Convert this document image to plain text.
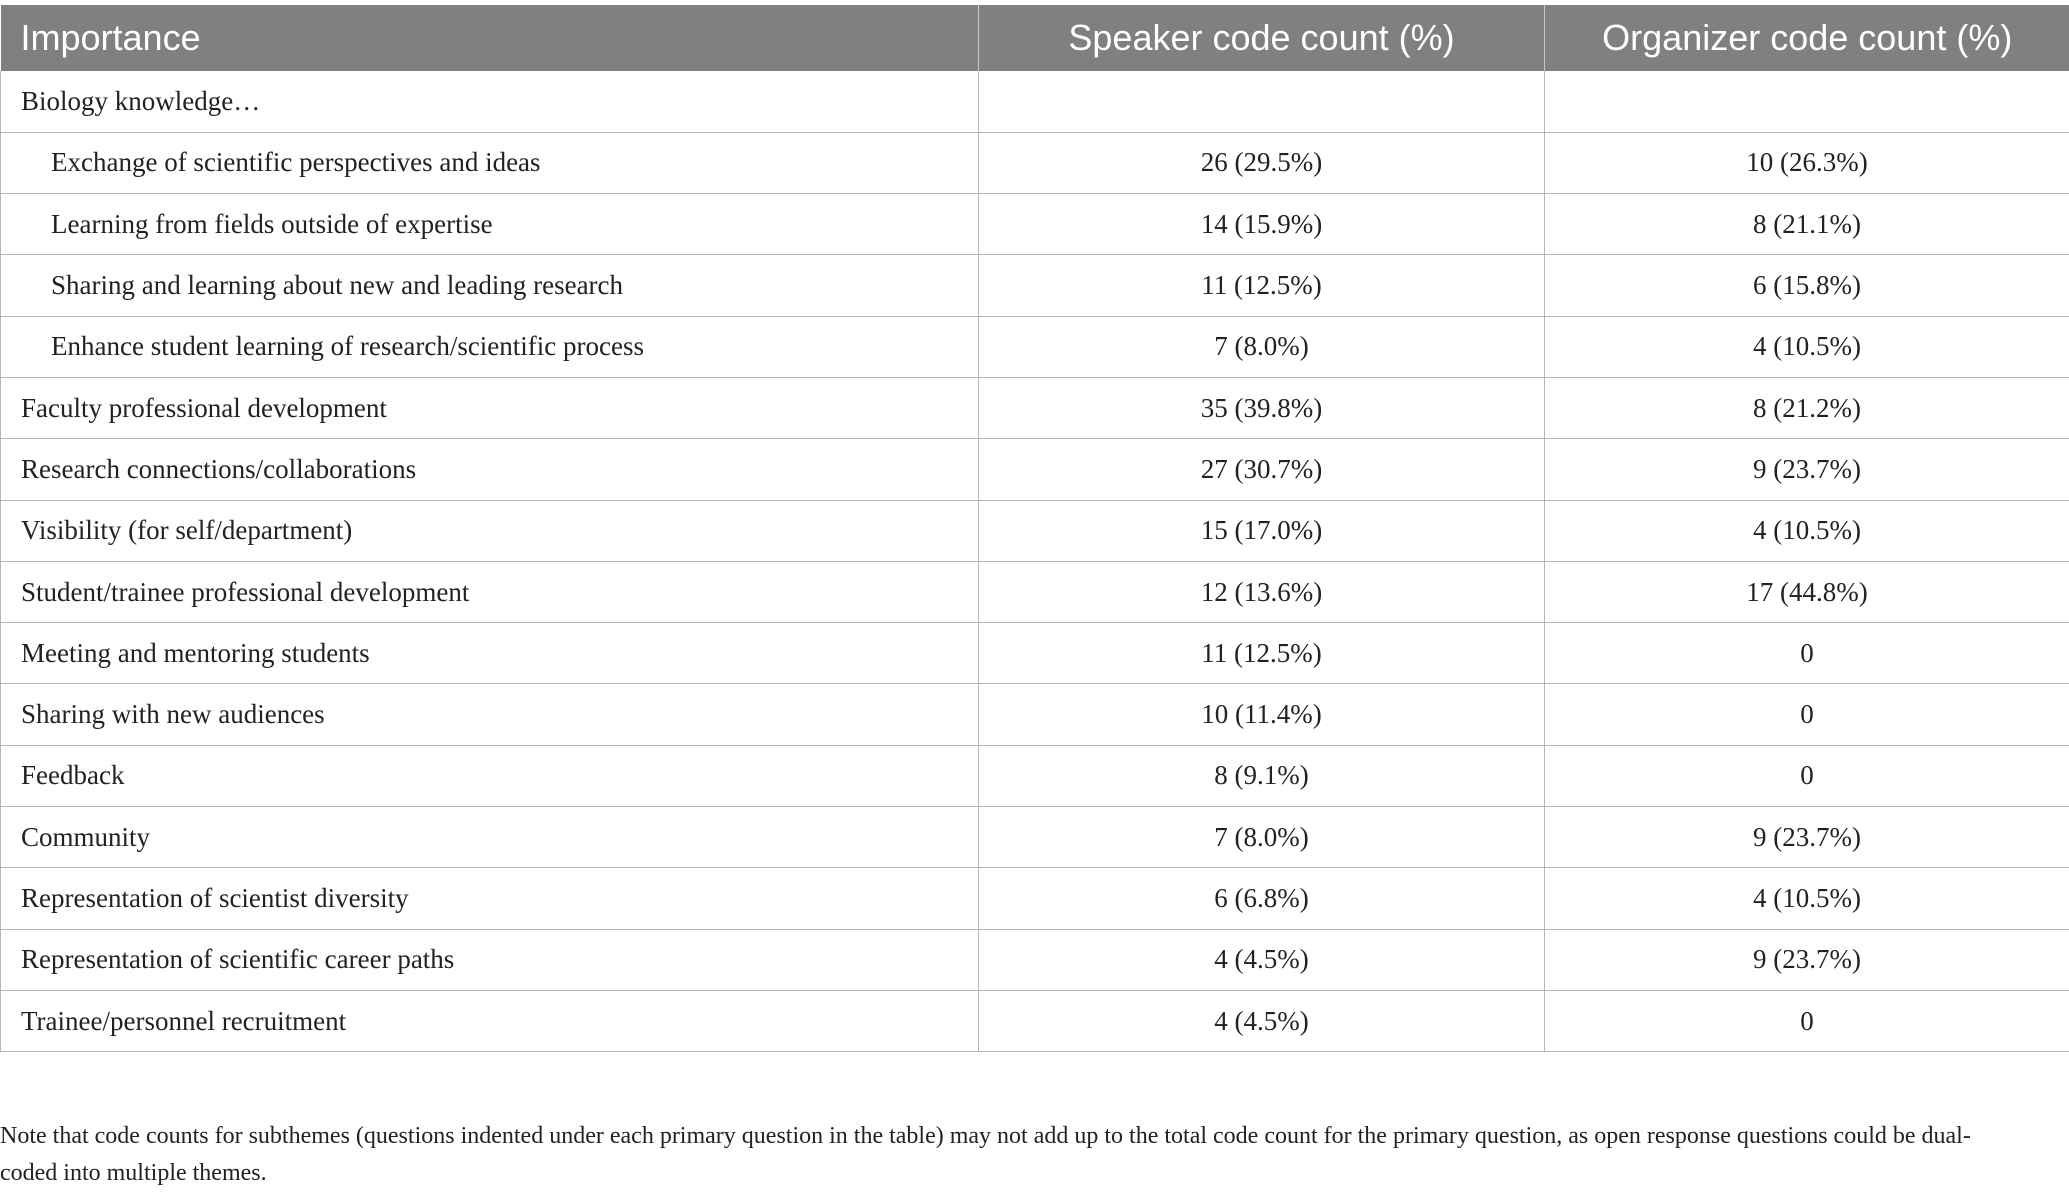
Importance	Speaker code count (%)	Organizer code count (%)
Biology knowledge…		
Exchange of scientific perspectives and ideas	26 (29.5%)	10 (26.3%)
Learning from fields outside of expertise	14 (15.9%)	8 (21.1%)
Sharing and learning about new and leading research	11 (12.5%)	6 (15.8%)
Enhance student learning of research/scientific process	7 (8.0%)	4 (10.5%)
Faculty professional development	35 (39.8%)	8 (21.2%)
Research connections/collaborations	27 (30.7%)	9 (23.7%)
Visibility (for self/department)	15 (17.0%)	4 (10.5%)
Student/trainee professional development	12 (13.6%)	17 (44.8%)
Meeting and mentoring students	11 (12.5%)	0
Sharing with new audiences	10 (11.4%)	0
Feedback	8 (9.1%)	0
Community	7 (8.0%)	9 (23.7%)
Representation of scientist diversity	6 (6.8%)	4 (10.5%)
Representation of scientific career paths	4 (4.5%)	9 (23.7%)
Trainee/personnel recruitment	4 (4.5%)	0
Note that code counts for subthemes (questions indented under each primary question in the table) may not add up to the total code count for the primary question, as open response questions could be dual-coded into multiple themes.
